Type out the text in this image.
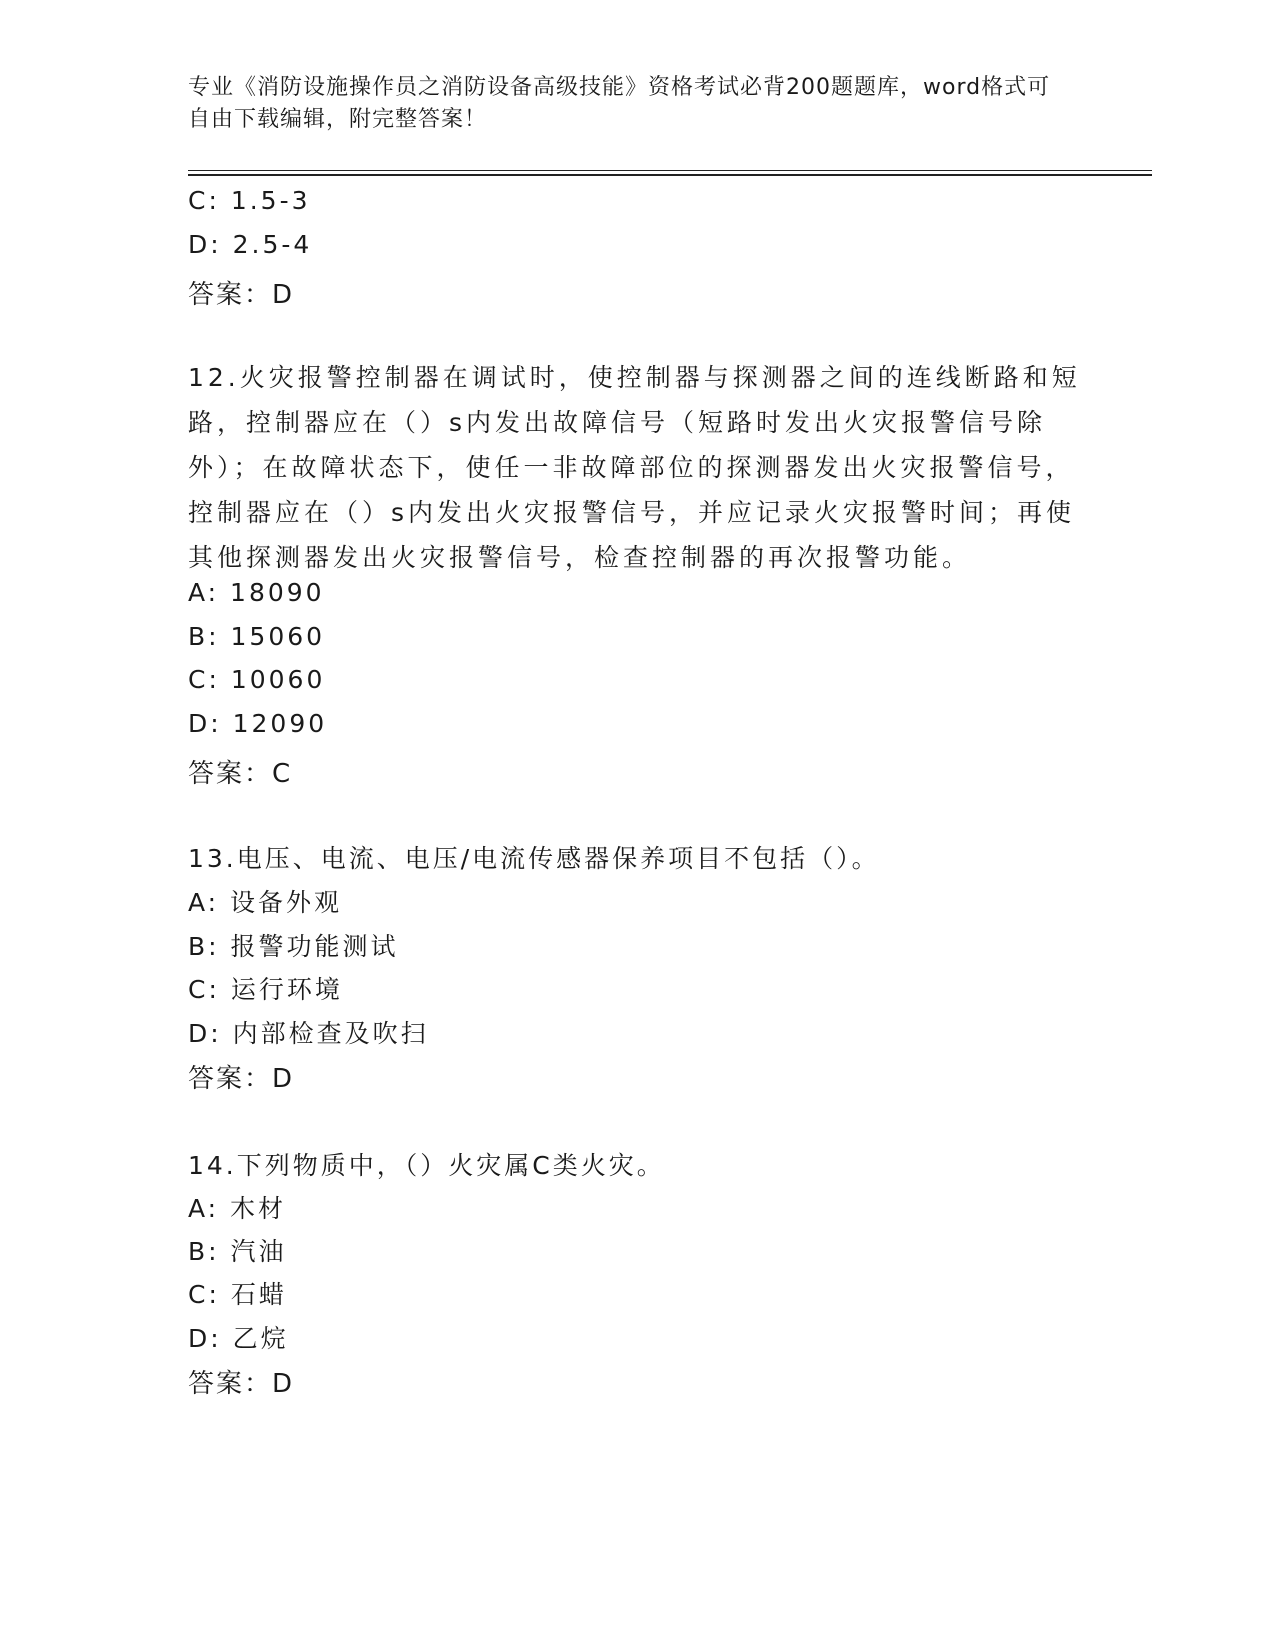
专业《消防设施操作员之消防设备高级技能》资格考试必背200题题库，word格式可自由下载编辑，附完整答案！
C: 1.5-3
D: 2.5-4
答案：D
12.火灾报警控制器在调试时，使控制器与探测器之间的连线断路和短路，控制器应在（）s内发出故障信号（短路时发出火灾报警信号除外）；在故障状态下，使任一非故障部位的探测器发出火灾报警信号，控制器应在（）s内发出火灾报警信号，并应记录火灾报警时间；再使其他探测器发出火灾报警信号，检查控制器的再次报警功能。
A: 18090
B: 15060
C: 10060
D: 12090
答案：C
13.电压、电流、电压/电流传感器保养项目不包括（）。
A: 设备外观
B: 报警功能测试
C: 运行环境
D: 内部检查及吹扫
答案：D
14.下列物质中，（）火灾属C类火灾。
A: 木材
B: 汽油
C: 石蜡
D: 乙烷
答案：D
